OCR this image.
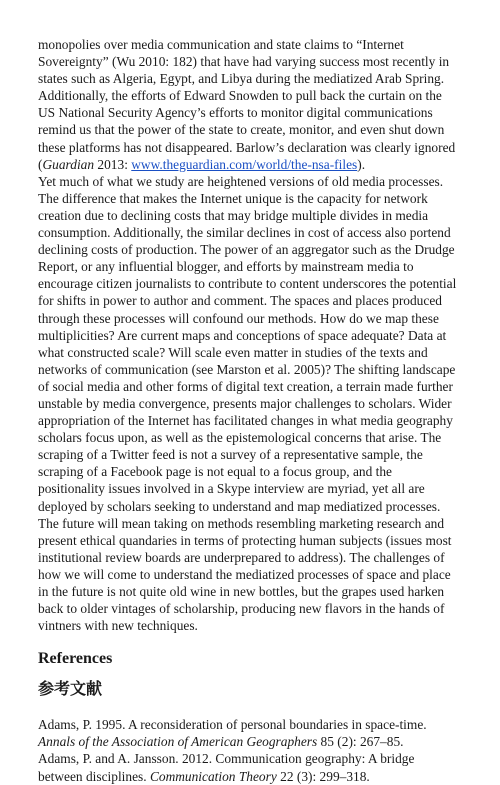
monopolies over media communication and state claims to “Internet Sovereignty” (Wu 2010: 182) that have had varying success most recently in states such as Algeria, Egypt, and Libya during the mediatized Arab Spring. Additionally, the efforts of Edward Snowden to pull back the curtain on the US National Security Agency’s efforts to monitor digital communications remind us that the power of the state to create, monitor, and even shut down these platforms has not disappeared. Barlow’s declaration was clearly ignored (Guardian 2013: www.theguardian.com/world/the-nsa-files).

Yet much of what we study are heightened versions of old media processes. The difference that makes the Internet unique is the capacity for network creation due to declining costs that may bridge multiple divides in media consumption. Additionally, the similar declines in cost of access also portend declining costs of production. The power of an aggregator such as the Drudge Report, or any influential blogger, and efforts by mainstream media to encourage citizen journalists to contribute to content underscores the potential for shifts in power to author and comment. The spaces and places produced through these processes will confound our methods. How do we map these multiplicities? Are current maps and conceptions of space adequate? Data at what constructed scale? Will scale even matter in studies of the texts and networks of communication (see Marston et al. 2005)? The shifting landscape of social media and other forms of digital text creation, a terrain made further unstable by media convergence, presents major challenges to scholars. Wider appropriation of the Internet has facilitated changes in what media geography scholars focus upon, as well as the epistemological concerns that arise. The scraping of a Twitter feed is not a survey of a representative sample, the scraping of a Facebook page is not equal to a focus group, and the positionality issues involved in a Skype interview are myriad, yet all are deployed by scholars seeking to understand and map mediatized processes. The future will mean taking on methods resembling marketing research and present ethical quandaries in terms of protecting human subjects (issues most institutional review boards are underprepared to address). The challenges of how we will come to understand the mediatized processes of space and place in the future is not quite old wine in new bottles, but the grapes used harken back to older vintages of scholarship, producing new flavors in the hands of vintners with new techniques.

References
参考文献

Adams, P. 1995. A reconsideration of personal boundaries in space-time. Annals of the Association of American Geographers 85 (2): 267–85.

Adams, P. and A. Jansson. 2012. Communication geography: A bridge between disciplines. Communication Theory 22 (3): 299–318.
